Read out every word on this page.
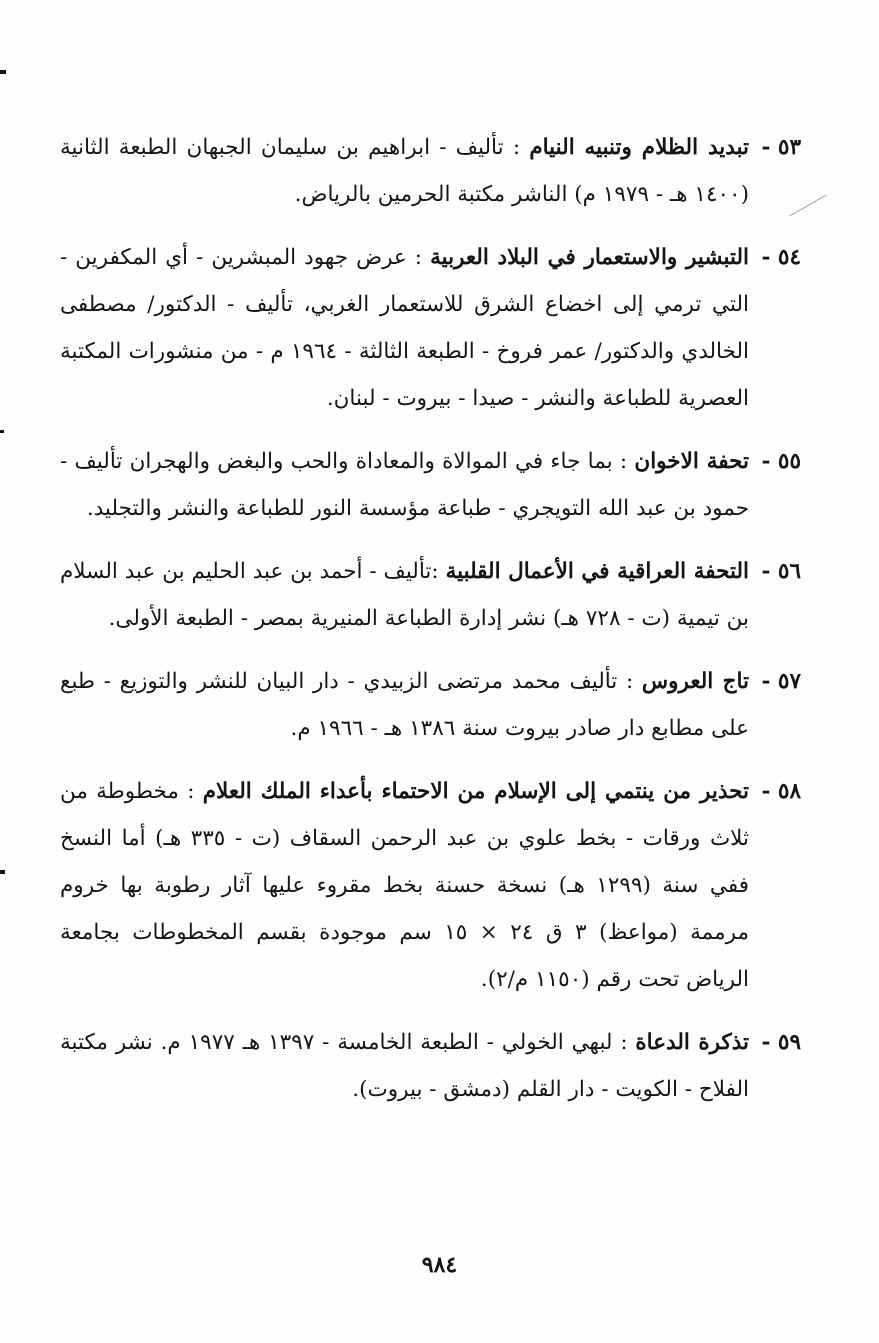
٥٣ -
تبديد الظلام وتنبيه النيام : تأليف - ابراهيم بن سليمان الجبهان الطبعة الثانية (١٤٠٠ هـ - ١٩٧٩ م) الناشر مكتبة الحرمين بالرياض.
٥٤ -
التبشير والاستعمار في البلاد العربية : عرض جهود المبشرين - أي المكفرين - التي ترمي إلى اخضاع الشرق للاستعمار الغربي، تأليف - الدكتور/ مصطفى الخالدي والدكتور/ عمر فروخ - الطبعة الثالثة - ١٩٦٤ م - من منشورات المكتبة العصرية للطباعة والنشر - صيدا - بيروت - لبنان.
٥٥ -
تحفة الاخوان : بما جاء في الموالاة والمعاداة والحب والبغض والهجران تأليف - حمود بن عبد الله التويجري - طباعة مؤسسة النور للطباعة والنشر والتجليد.
٥٦ -
التحفة العراقية في الأعمال القلبية :تأليف - أحمد بن عبد الحليم بن عبد السلام بن تيمية (ت - ٧٢٨ هـ) نشر إدارة الطباعة المنيرية بمصر - الطبعة الأولى.
٥٧ -
تاج العروس : تأليف محمد مرتضى الزبيدي - دار البيان للنشر والتوزيع - طبع على مطابع دار صادر بيروت سنة ١٣٨٦ هـ - ١٩٦٦ م.
٥٨ -
تحذير من ينتمي إلى الإسلام من الاحتماء بأعداء الملك العلام : مخطوطة من ثلاث ورقات - بخط علوي بن عبد الرحمن السقاف (ت - ٣٣٥ هـ) أما النسخ ففي سنة (١٢٩٩ هـ) نسخة حسنة بخط مقروء عليها آثار رطوبة بها خروم مرممة (مواعظ) ٣ ق ٢٤ × ١٥ سم موجودة بقسم المخطوطات بجامعة الرياض تحت رقم (١١٥٠ م/٢).
٥٩ -
تذكرة الدعاة : لبهي الخولي - الطبعة الخامسة - ١٣٩٧ هـ ١٩٧٧ م. نشر مكتبة الفلاح - الكويت - دار القلم (دمشق - بيروت).
٩٨٤
